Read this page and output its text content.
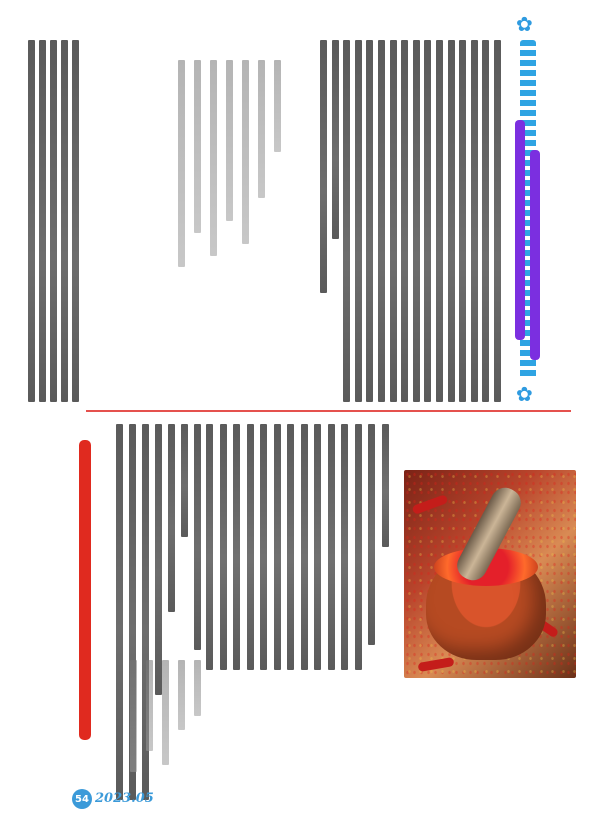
✿
✿
54 2023.05
